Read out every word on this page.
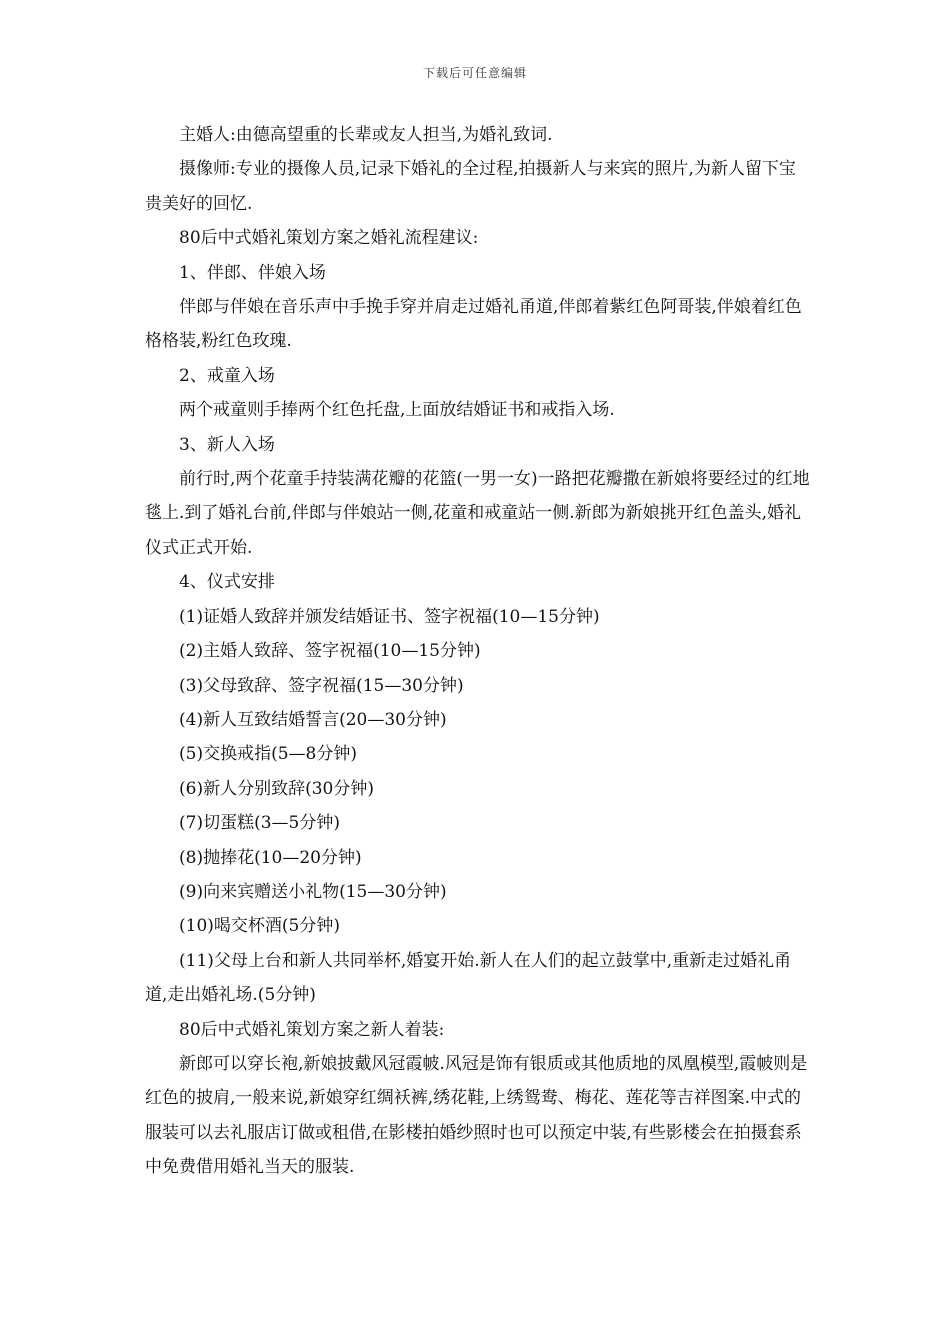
下载后可任意编辑

主婚人:由德高望重的长辈或友人担当,为婚礼致词.

摄像师:专业的摄像人员,记录下婚礼的全过程,拍摄新人与来宾的照片,为新人留下宝贵美好的回忆.

80后中式婚礼策划方案之婚礼流程建议:

1、伴郎、伴娘入场

伴郎与伴娘在音乐声中手挽手穿并肩走过婚礼甬道,伴郎着紫红色阿哥装,伴娘着红色格格装,粉红色玫瑰.

2、戒童入场

两个戒童则手捧两个红色托盘,上面放结婚证书和戒指入场.

3、新人入场

前行时,两个花童手持装满花瓣的花篮(一男一女)一路把花瓣撒在新娘将要经过的红地毯上.到了婚礼台前,伴郎与伴娘站一侧,花童和戒童站一侧.新郎为新娘挑开红色盖头,婚礼仪式正式开始.

4、仪式安排

(1)证婚人致辞并颁发结婚证书、签字祝福(10—15分钟)

(2)主婚人致辞、签字祝福(10—15分钟)

(3)父母致辞、签字祝福(15—30分钟)

(4)新人互致结婚誓言(20—30分钟)

(5)交换戒指(5—8分钟)

(6)新人分别致辞(30分钟)

(7)切蛋糕(3—5分钟)

(8)抛捧花(10—20分钟)

(9)向来宾赠送小礼物(15—30分钟)

(10)喝交杯酒(5分钟)

(11)父母上台和新人共同举杯,婚宴开始.新人在人们的起立鼓掌中,重新走过婚礼甬道,走出婚礼场.(5分钟)

80后中式婚礼策划方案之新人着装:

新郎可以穿长袍,新娘披戴风冠霞帔.风冠是饰有银质或其他质地的凤凰模型,霞帔则是红色的披肩,一般来说,新娘穿红绸袄裤,绣花鞋,上绣鸳鸯、梅花、莲花等吉祥图案.中式的服装可以去礼服店订做或租借,在影楼拍婚纱照时也可以预定中装,有些影楼会在拍摄套系中免费借用婚礼当天的服装.
